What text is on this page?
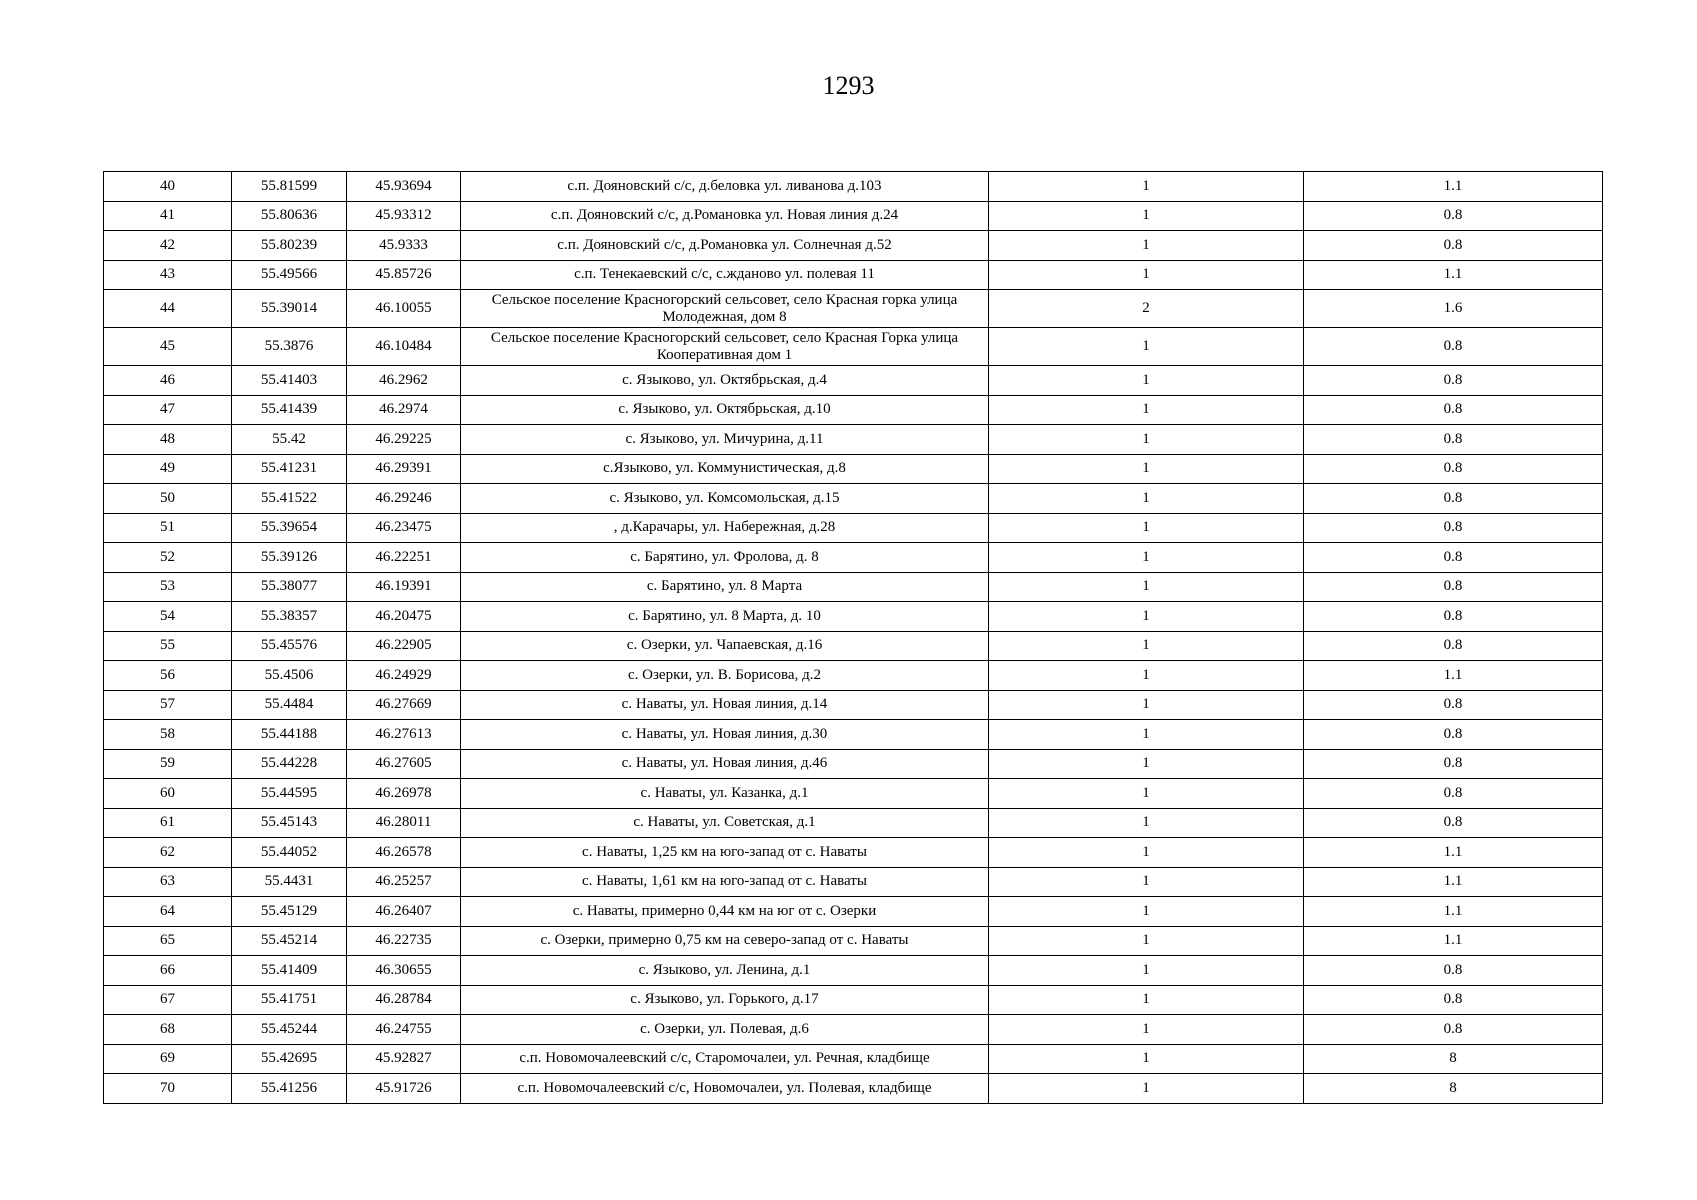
1293
40	55.81599	45.93694	с.п. Дояновский с/с, д.беловка ул. ливанова д.103	1	1.1
41	55.80636	45.93312	с.п. Дояновский с/с, д.Романовка ул. Новая линия д.24	1	0.8
42	55.80239	45.9333	с.п. Дояновский с/с, д.Романовка ул. Солнечная д.52	1	0.8
43	55.49566	45.85726	с.п. Тенекаевский с/с, с.жданово ул. полевая 11	1	1.1
44	55.39014	46.10055	Сельское поселение Красногорский сельсовет, село Красная горка улица Молодежная, дом 8	2	1.6
45	55.3876	46.10484	Сельское поселение Красногорский сельсовет, село Красная Горка улица Кооперативная дом 1	1	0.8
46	55.41403	46.2962	с. Языково, ул. Октябрьская, д.4	1	0.8
47	55.41439	46.2974	с. Языково, ул. Октябрьская, д.10	1	0.8
48	55.42	46.29225	с. Языково, ул. Мичурина, д.11	1	0.8
49	55.41231	46.29391	с.Языково, ул. Коммунистическая, д.8	1	0.8
50	55.41522	46.29246	с. Языково, ул. Комсомольская, д.15	1	0.8
51	55.39654	46.23475	, д.Карачары, ул. Набережная, д.28	1	0.8
52	55.39126	46.22251	с. Барятино, ул. Фролова, д. 8	1	0.8
53	55.38077	46.19391	с. Барятино, ул. 8 Марта	1	0.8
54	55.38357	46.20475	с. Барятино, ул. 8 Марта, д. 10	1	0.8
55	55.45576	46.22905	с. Озерки, ул. Чапаевская, д.16	1	0.8
56	55.4506	46.24929	с. Озерки, ул. В. Борисова, д.2	1	1.1
57	55.4484	46.27669	с. Наваты, ул. Новая линия, д.14	1	0.8
58	55.44188	46.27613	с. Наваты, ул. Новая линия, д.30	1	0.8
59	55.44228	46.27605	с. Наваты, ул. Новая линия, д.46	1	0.8
60	55.44595	46.26978	с. Наваты, ул. Казанка, д.1	1	0.8
61	55.45143	46.28011	с. Наваты, ул. Советская, д.1	1	0.8
62	55.44052	46.26578	с. Наваты, 1,25 км на юго-запад от с. Наваты	1	1.1
63	55.4431	46.25257	с. Наваты, 1,61 км на юго-запад от с. Наваты	1	1.1
64	55.45129	46.26407	с. Наваты, примерно 0,44 км на юг от с. Озерки	1	1.1
65	55.45214	46.22735	с. Озерки, примерно 0,75 км на северо-запад от с. Наваты	1	1.1
66	55.41409	46.30655	с. Языково, ул. Ленина, д.1	1	0.8
67	55.41751	46.28784	с. Языково, ул. Горького, д.17	1	0.8
68	55.45244	46.24755	с. Озерки, ул. Полевая, д.6	1	0.8
69	55.42695	45.92827	с.п. Новомочалеевский с/с, Старомочалеи, ул. Речная, кладбище	1	8
70	55.41256	45.91726	с.п. Новомочалеевский с/с, Новомочалеи, ул. Полевая, кладбище	1	8
